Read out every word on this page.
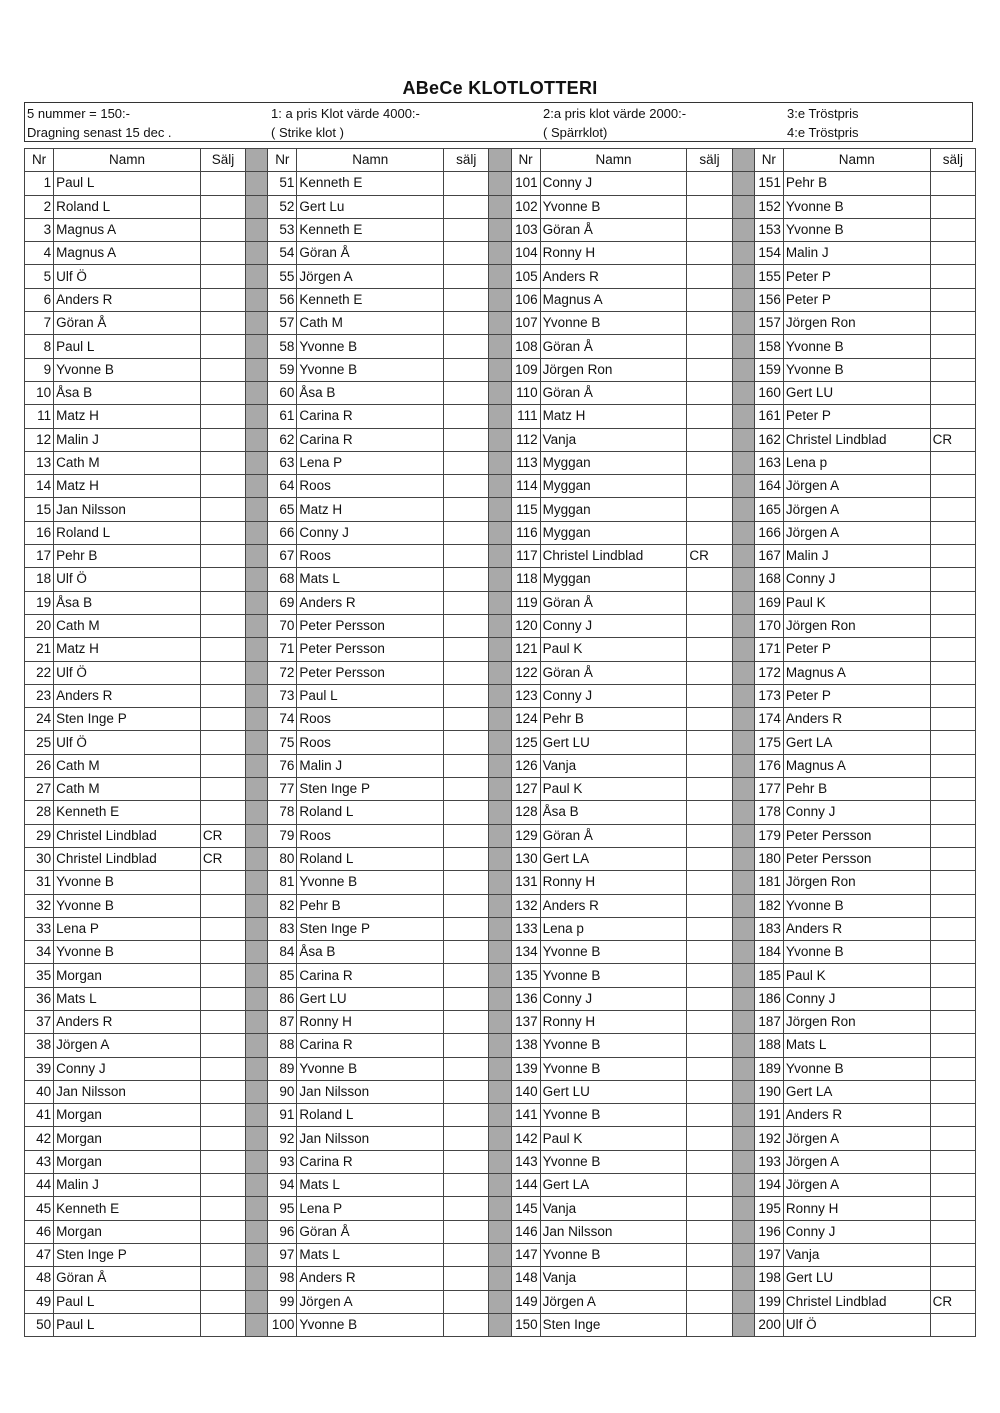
ABeCe KLOTLOTTERI
5 nummer = 150:-	1: a pris Klot värde 4000:-	2:a pris klot värde 2000:-	3:e Tröstpris
Dragning senast 15 dec .	( Strike klot )	( Spärrklot)	4:e Tröstpris
Nr	Namn	Sälj		Nr	Namn	sälj		Nr	Namn	sälj		Nr	Namn	sälj
1	Paul L			51	Kenneth E			101	Conny J			151	Pehr B	
2	Roland L			52	Gert Lu			102	Yvonne B			152	Yvonne B	
3	Magnus A			53	Kenneth E			103	Göran Å			153	Yvonne B	
4	Magnus A			54	Göran Å			104	Ronny H			154	Malin J	
5	Ulf Ö			55	Jörgen A			105	Anders R			155	Peter P	
6	Anders R			56	Kenneth E			106	Magnus A			156	Peter P	
7	Göran Å			57	Cath M			107	Yvonne B			157	Jörgen Ron	
8	Paul L			58	Yvonne B			108	Göran Å			158	Yvonne B	
9	Yvonne B			59	Yvonne B			109	Jörgen Ron			159	Yvonne B	
10	Åsa B			60	Åsa B			110	Göran Å			160	Gert LU	
11	Matz H			61	Carina R			111	Matz H			161	Peter P	
12	Malin J			62	Carina R			112	Vanja			162	Christel Lindblad	CR
13	Cath M			63	Lena P			113	Myggan			163	Lena p	
14	Matz H			64	Roos			114	Myggan			164	Jörgen A	
15	Jan Nilsson			65	Matz H			115	Myggan			165	Jörgen A	
16	Roland L			66	Conny J			116	Myggan			166	Jörgen A	
17	Pehr B			67	Roos			117	Christel Lindblad	CR		167	Malin J	
18	Ulf Ö			68	Mats L			118	Myggan			168	Conny J	
19	Åsa B			69	Anders R			119	Göran Å			169	Paul K	
20	Cath M			70	Peter Persson			120	Conny J			170	Jörgen Ron	
21	Matz H			71	Peter Persson			121	Paul K			171	Peter P	
22	Ulf Ö			72	Peter Persson			122	Göran Å			172	Magnus A	
23	Anders R			73	Paul L			123	Conny J			173	Peter P	
24	Sten Inge P			74	Roos			124	Pehr B			174	Anders R	
25	Ulf Ö			75	Roos			125	Gert LU			175	Gert LA	
26	Cath M			76	Malin J			126	Vanja			176	Magnus A	
27	Cath M			77	Sten Inge P			127	Paul K			177	Pehr B	
28	Kenneth E			78	Roland L			128	Åsa B			178	Conny J	
29	Christel Lindblad	CR		79	Roos			129	Göran Å			179	Peter Persson	
30	Christel Lindblad	CR		80	Roland L			130	Gert LA			180	Peter Persson	
31	Yvonne B			81	Yvonne B			131	Ronny H			181	Jörgen Ron	
32	Yvonne B			82	Pehr B			132	Anders R			182	Yvonne B	
33	Lena P			83	Sten Inge P			133	Lena p			183	Anders R	
34	Yvonne B			84	Åsa B			134	Yvonne B			184	Yvonne B	
35	Morgan			85	Carina R			135	Yvonne B			185	Paul K	
36	Mats L			86	Gert LU			136	Conny J			186	Conny J	
37	Anders R			87	Ronny H			137	Ronny H			187	Jörgen Ron	
38	Jörgen A			88	Carina R			138	Yvonne B			188	Mats L	
39	Conny J			89	Yvonne B			139	Yvonne B			189	Yvonne B	
40	Jan Nilsson			90	Jan Nilsson			140	Gert LU			190	Gert LA	
41	Morgan			91	Roland L			141	Yvonne B			191	Anders R	
42	Morgan			92	Jan Nilsson			142	Paul K			192	Jörgen A	
43	Morgan			93	Carina R			143	Yvonne B			193	Jörgen A	
44	Malin J			94	Mats L			144	Gert LA			194	Jörgen A	
45	Kenneth E			95	Lena P			145	Vanja			195	Ronny H	
46	Morgan			96	Göran Å			146	Jan Nilsson			196	Conny J	
47	Sten Inge P			97	Mats L			147	Yvonne B			197	Vanja	
48	Göran Å			98	Anders R			148	Vanja			198	Gert LU	
49	Paul L			99	Jörgen A			149	Jörgen A			199	Christel Lindblad	CR
50	Paul L			100	Yvonne B			150	Sten Inge			200	Ulf Ö	
